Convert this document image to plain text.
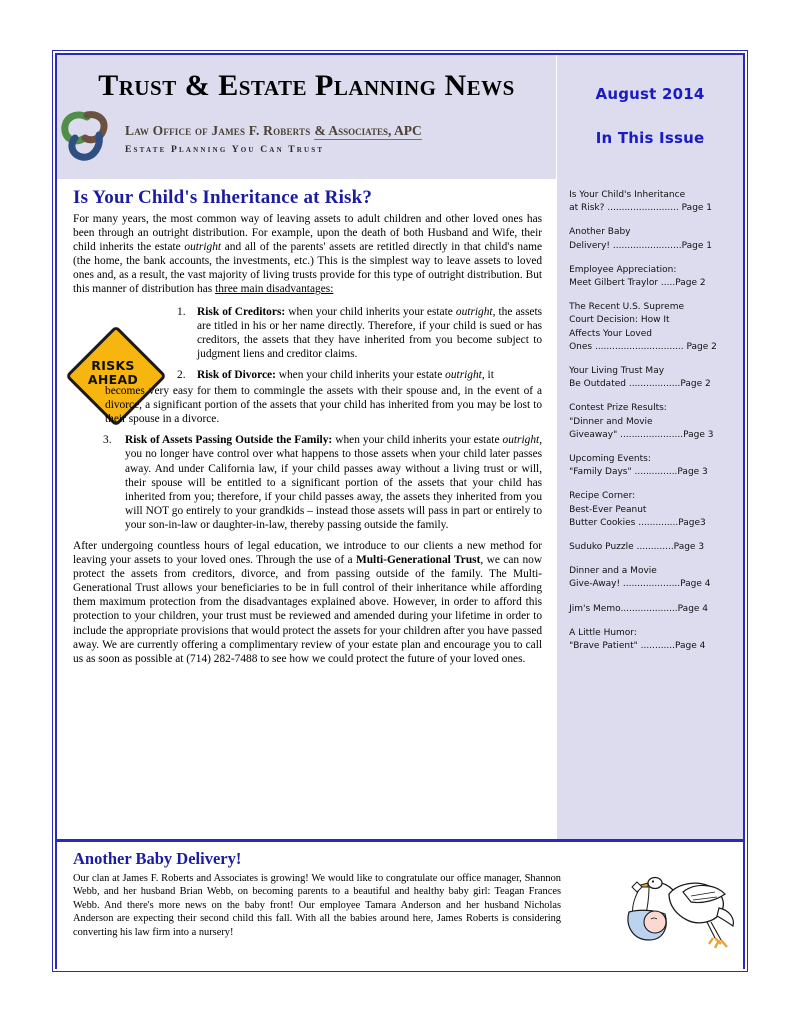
Trust & Estate Planning News
Law Office of James F. Roberts & Associates, APC Estate Planning You Can Trust
Is Your Child's Inheritance at Risk?

For many years, the most common way of leaving assets to adult children and other loved ones has been through an outright distribution. For example, upon the death of both Husband and Wife, their child inherits the estate outright and all of the parents' assets are retitled directly in that child's name (the home, the bank accounts, the investments, etc.) This is the simplest way to leave assets to loved ones and, as a result, the vast majority of living trusts provide for this type of outright distribution. But this manner of distribution has three main disadvantages:

RISKS
AHEAD
1. Risk of Creditors: when your child inherits your estate outright, the assets are titled in his or her name directly. Therefore, if your child is sued or has creditors, the assets that they have inherited from you become subject to judgment liens and creditor claims.
2. Risk of Divorce: when your child inherits your estate outright, it
becomes very easy for them to commingle the assets with their spouse and, in the event of a divorce, a significant portion of the assets that your child has inherited from you may be lost to their spouse in a divorce.
3. Risk of Assets Passing Outside the Family: when your child inherits your estate outright, you no longer have control over what happens to those assets when your child later passes away. And under California law, if your child passes away without a living trust or will, their spouse will be entitled to a significant portion of the assets that your child has inherited from you; therefore, if your child passes away, the assets they inherited from you will NOT go entirely to your grandkids – instead those assets will pass in part or entirely to your son-in-law or daughter-in-law, thereby passing outside the family.

After undergoing countless hours of legal education, we introduce to our clients a new method for leaving your assets to your loved ones. Through the use of a Multi-Generational Trust, we can now protect the assets from creditors, divorce, and from passing outside of the family. The Multi-Generational Trust allows your beneficiaries to be in full control of their inheritance while affording them maximum protection from the disadvantages explained above. However, in order to afford this protection to your children, your trust must be reviewed and amended during your lifetime in order to include the appropriate provisions that would protect the assets for your children after you have passed away. We are currently offering a complimentary review of your estate plan and encourage you to call us as soon as possible at (714) 282-7488 to see how we could protect the future of your loved ones.

August 2014
In This Issue
Is Your Child's Inheritance
at Risk? ......................... Page 1
Another Baby
Delivery! ........................Page 1
Employee Appreciation:
Meet Gilbert Traylor .....Page 2
The Recent U.S. Supreme
Court Decision: How It
Affects Your Loved
Ones ............................... Page 2
Your Living Trust May
Be Outdated ..................Page 2
Contest Prize Results:
"Dinner and Movie
Giveaway" ......................Page 3
Upcoming Events:
"Family Days" ...............Page 3
Recipe Corner:
Best-Ever Peanut
Butter Cookies ..............Page3
Suduko Puzzle .............Page 3
Dinner and a Movie
Give-Away! ....................Page 4
Jim's Memo....................Page 4
A Little Humor:
"Brave Patient" ............Page 4
Another Baby Delivery!

Our clan at James F. Roberts and Associates is growing! We would like to congratulate our office manager, Shannon Webb, and her husband Brian Webb, on becoming parents to a beautiful and healthy baby girl: Teagan Frances Webb. And there's more news on the baby front! Our employee Tamara Anderson and her husband Nicholas Anderson are expecting their second child this fall. With all the babies around here, James Roberts is considering converting his law firm into a nursery!
